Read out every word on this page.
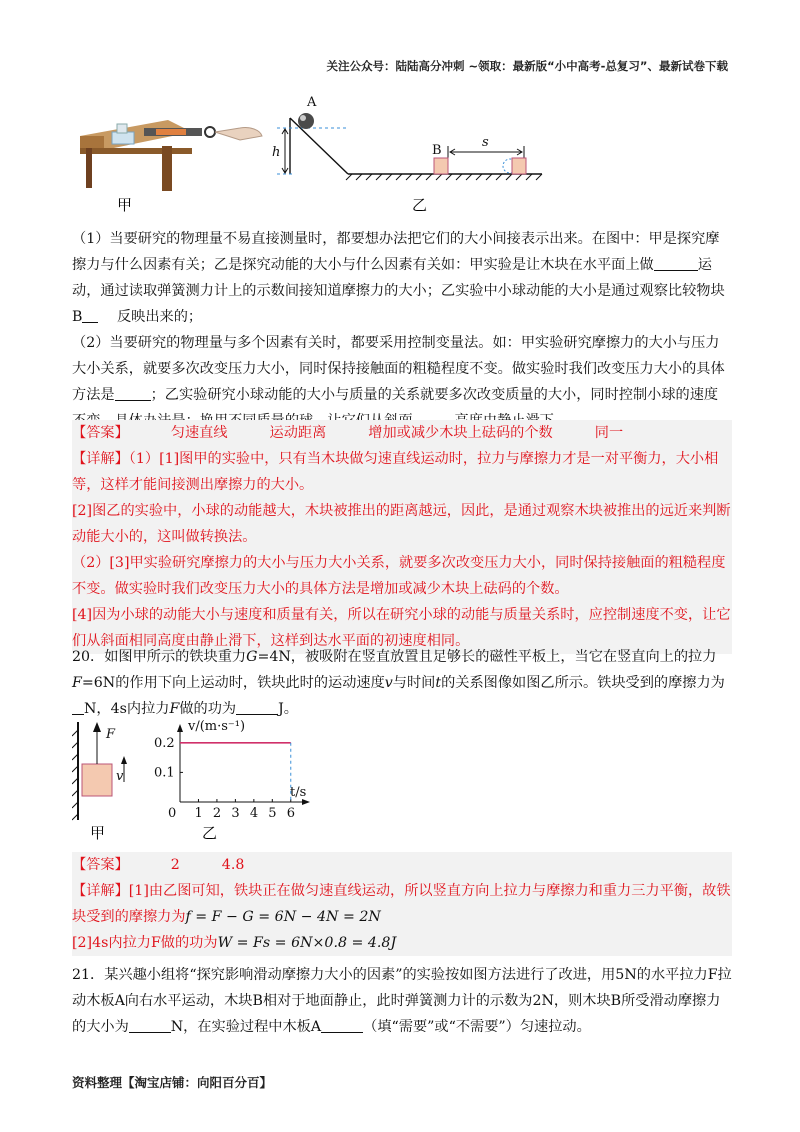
关注公众号：陆陆高分冲刺 ~领取：最新版“小中高考-总复习”、最新试卷下载
甲
A
h	B
s
乙

（1）当要研究的物理量不易直接测量时，都要想办法把它们的大小间接表示出来。在图中：甲是探究摩擦力与什么因素有关；乙是探究动能的大小与什么因素有关如：甲实验是让木块在水平面上做	运动，通过读取弹簧测力计上的示数间接知道摩擦力的大小；乙实验中小球动能的大小是通过观察比较物块B 反映出来的；

（2）当要研究的物理量与多个因素有关时，都要采用控制变量法。如：甲实验研究摩擦力的大小与压力大小关系，就要多次改变压力大小，同时保持接触面的粗糙程度不变。做实验时我们改变压力大小的具体方法是	；乙实验研究小球动能的大小与质量的关系就要多次改变质量的大小，同时控制小球的速度

【答案】	匀速直线	运动距离	增加或减少木块上砝码的个数	同一

【详解】（1）[1]图甲的实验中，只有当木块做匀速直线运动时，拉力与摩擦力才是一对平衡力，大小相等，这样才能间接测出摩擦力的大小。

[2]图乙的实验中，小球的动能越大，木块被推出的距离越远，因此，是通过观察木块被推出的远近来判断动能大小的，这叫做转换法。

（2）[3]甲实验研究摩擦力的大小与压力大小关系，就要多次改变压力大小，同时保持接触面的粗糙程度不变。做实验时我们改变压力大小的具体方法是增加或减少木块上砝码的个数。

[4]因为小球的动能大小与速度和质量有关，所以在研究小球的动能与质量关系时，应控制速度不变，让它们从斜面相同高度由静止滑下，这样到达水平面的初速度相同。

20．如图甲所示的铁块重力G=4N，被吸附在竖直放置且足够长的磁性平板上，当它在竖直向上的拉力F=6N的作用下向上运动时，铁块此时的运动速度v与时间t的关系图像如图乙所示。铁块受到的摩擦力为N，4s内拉力F做的功为	J。

F
v
甲	乙
v/(m·s⁻¹)
t/s
0 1 2 3 4 5 6
0.1
0.2

【答案】	2	4.8

【详解】[1]由乙图可知，铁块正在做匀速直线运动，所以竖直方向上拉力与摩擦力和重力三力平衡，故铁块受到的摩擦力为f = F − G = 6N − 4N = 2N

[2]4s内拉力F做的功为W = Fs = 6N×0.8 = 4.8J

21．某兴趣小组将“探究影响滑动摩擦力大小的因素”的实验按如图方法进行了改进，用5N的水平拉力F拉动木板A向右水平运动，木块B相对于地面静止，此时弹簧测力计的示数为2N，则木块B所受滑动摩擦力的大小为	N，在实验过程中木板A	（填“需要”或“不需要”）匀速拉动。

资料整理【淘宝店铺：向阳百分百】
